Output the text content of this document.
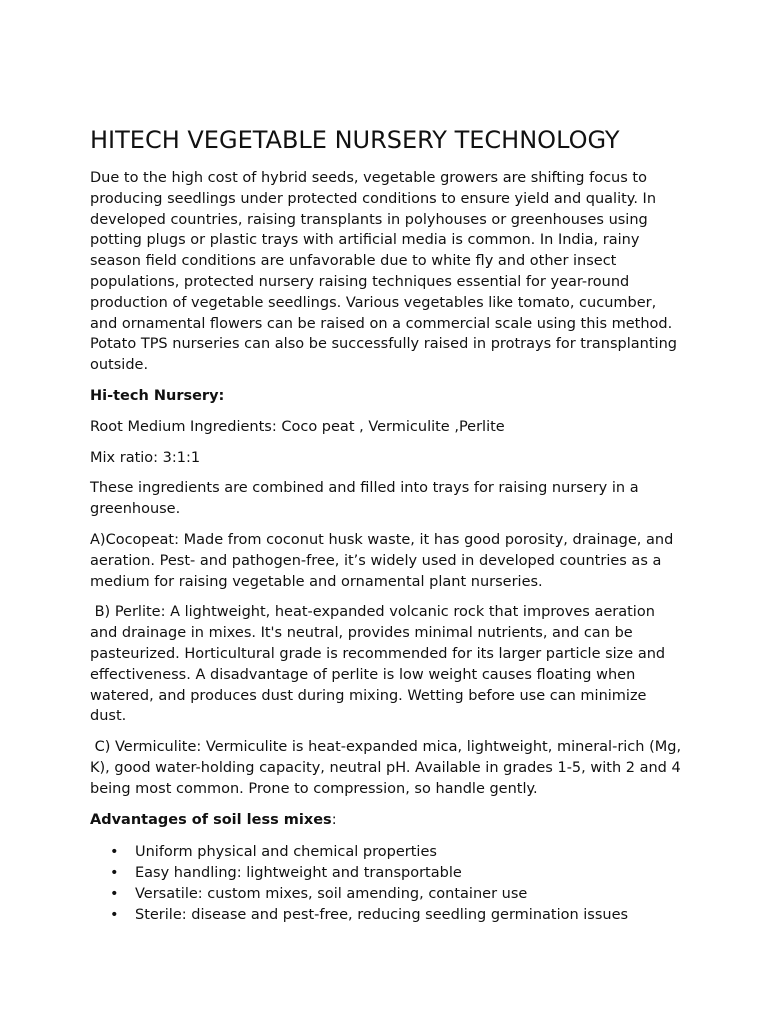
HITECH VEGETABLE NURSERY TECHNOLOGY

Due to the high cost of hybrid seeds, vegetable growers are shifting focus to producing seedlings under protected conditions to ensure yield and quality. In developed countries, raising transplants in polyhouses or greenhouses using potting plugs or plastic trays with artificial media is common. In India, rainy season field conditions are unfavorable due to white fly and other insect populations, protected nursery raising techniques essential for year-round production of vegetable seedlings. Various vegetables like tomato, cucumber, and ornamental flowers can be raised on a commercial scale using this method. Potato TPS nurseries can also be successfully raised in protrays for transplanting outside.

Hi-tech Nursery:

Root Medium Ingredients: Coco peat , Vermiculite ,Perlite

Mix ratio: 3:1:1

These ingredients are combined and filled into trays for raising nursery in a greenhouse.

A)Cocopeat: Made from coconut husk waste, it has good porosity, drainage, and aeration. Pest- and pathogen-free, it’s widely used in developed countries as a medium for raising vegetable and ornamental plant nurseries.

B) Perlite: A lightweight, heat-expanded volcanic rock that improves aeration and drainage in mixes. It's neutral, provides minimal nutrients, and can be pasteurized. Horticultural grade is recommended for its larger particle size and effectiveness. A disadvantage of perlite is low weight causes floating when watered, and produces dust during mixing. Wetting before use can minimize dust.

C) Vermiculite: Vermiculite is heat-expanded mica, lightweight, mineral-rich (Mg, K), good water-holding capacity, neutral pH. Available in grades 1-5, with 2 and 4 being most common. Prone to compression, so handle gently.

Advantages of soil less mixes:

• Uniform physical and chemical properties
• Easy handling: lightweight and transportable
• Versatile: custom mixes, soil amending, container use
• Sterile: disease and pest-free, reducing seedling germination issues
